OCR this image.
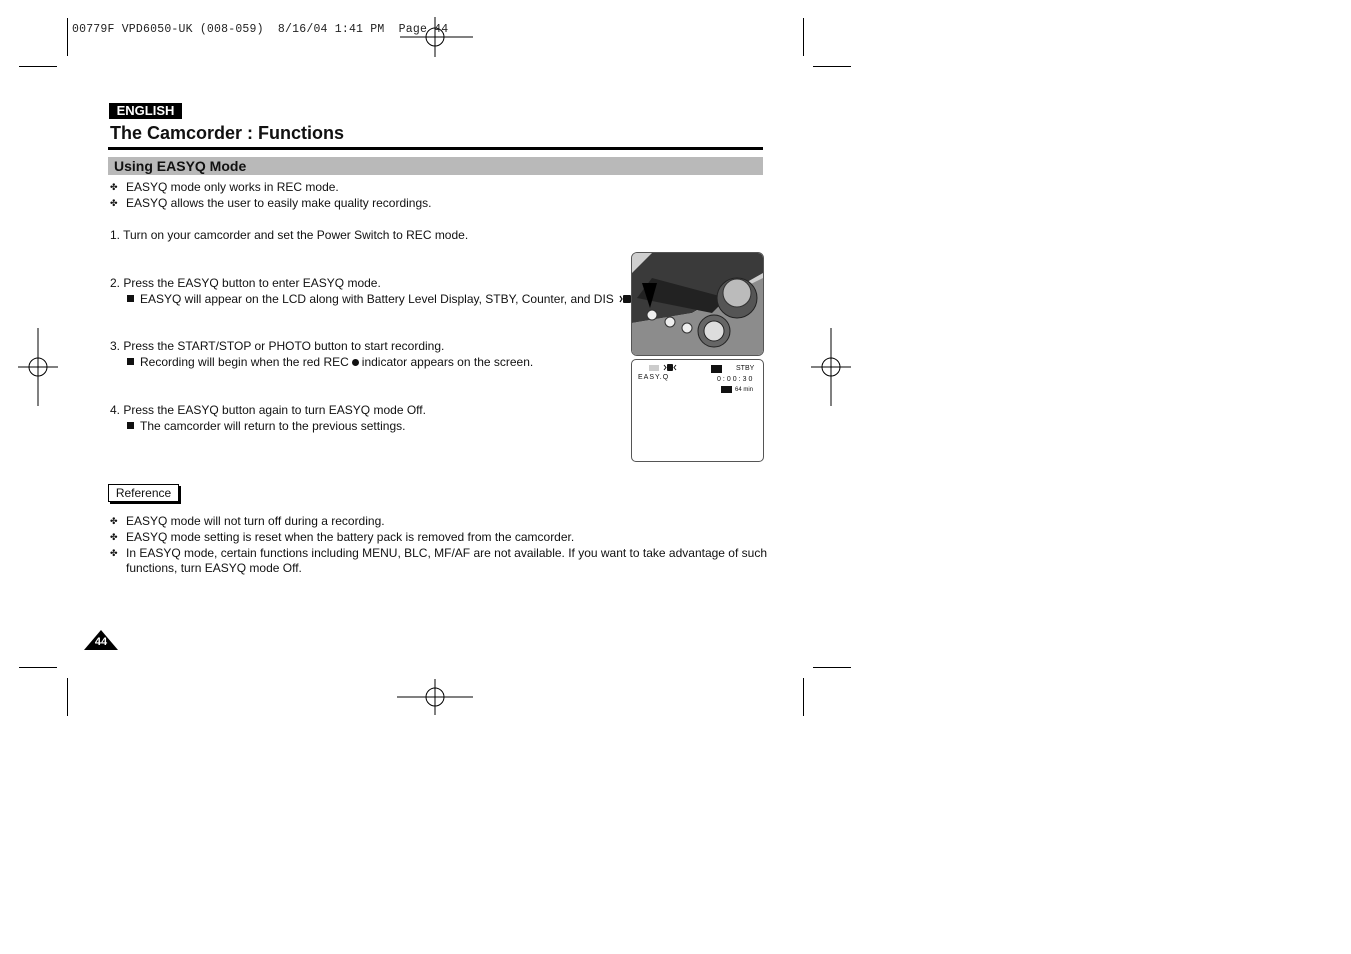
00779F VPD6050-UK (008-059)  8/16/04 1:41 PM  Page 44
ENGLISH
The Camcorder : Functions
Using EASYQ Mode
✤ EASYQ mode only works in REC mode.
✤ EASYQ allows the user to easily make quality recordings.
1. Turn on your camcorder and set the Power Switch to REC mode.
2. Press the EASYQ button to enter EASYQ mode.
EASYQ will appear on the LCD along with Battery Level Display, STBY, Counter, and DIS
3. Press the START/STOP or PHOTO button to start recording.
Recording will begin when the red REC indicator appears on the screen.
4. Press the EASYQ button again to turn EASYQ mode Off.
The camcorder will return to the previous settings.
EASY.Q
STBY
0:00:30
64 min
Reference
✤ EASYQ mode will not turn off during a recording.
✤ EASYQ mode setting is reset when the battery pack is removed from the camcorder.
✤ In EASYQ mode, certain functions including MENU, BLC, MF/AF are not available. If you want to take advantage of such
functions, turn EASYQ mode Off.
44
